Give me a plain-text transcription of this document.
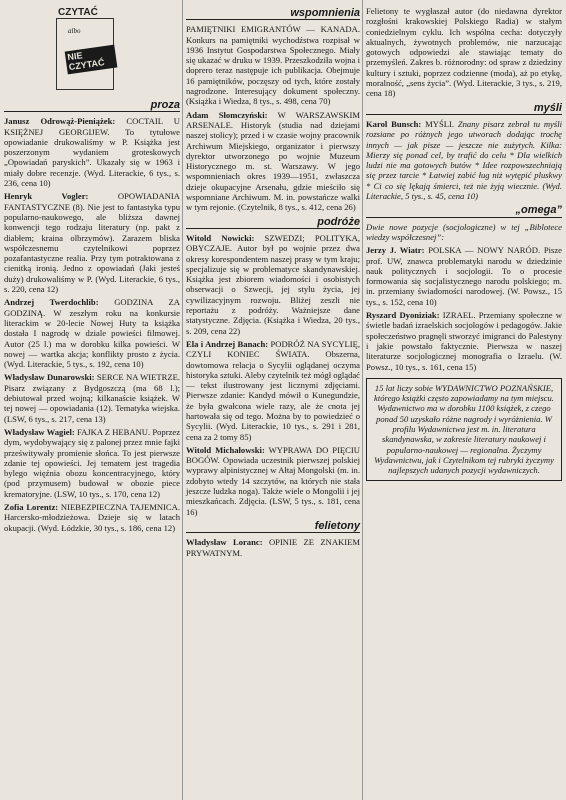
CZYTAĆ
albo
NIE CZYTAĆ
proza

Janusz Odrowąż-Pieniążek: COCTAIL U KSIĘŻNEJ GEORGIJEW. To tytułowe opowiadanie drukowaliśmy w P. Książka jest poszerzonym wydaniem groteskowych „Opowiadań paryskich”. Ukazały się w 1963 i miały dobre recenzje. (Wyd. Literackie, 6 tys., s. 236, cena 10)

Henryk Vogler: OPOWIADANIA FANTASTYCZNE (8). Nie jest to fantastyka typu popularno-naukowego, ale bliższa dawnej konwencji tego rodzaju literatury (np. pakt z diabłem; kraina olbrzymów). Zarazem bliska współczesnemu czytelnikowi poprzez pozafantastyczne realia. Przy tym potraktowana z cienitką ironią. Jedno z opowiadań (Jaki jesteś duży) drukowaliśmy w P. (Wyd. Literackie, 6 tys., s. 220, cena 12)

Andrzej Twerdochlib: GODZINA ZA GODZINĄ. W zeszłym roku na konkursie literackim w 20-lecie Nowej Huty ta książka dostała I nagrodę w dziale powieści filmowej. Autor (25 l.) ma w dorobku kilka powieści. W nowej — wartka akcja; konflikty prosto z życia. (Wyd. Literackie, 5 tys., s. 192, cena 10)

Władysław Dunarowski: SERCE NA WIETRZE. Pisarz związany z Bydgoszczą (ma 68 l.); debiutował przed wojną; kilkanaście książek. W tej nowej — opowiadania (12). Tematyka wiejska. (LSW, 6 tys., s. 217, cena 13)

Władysław Wagiel: FAJKA Z HEBANU. Poprzez dym, wydobywający się z palonej przez mnie fajki prześwitywały promienie słońca. To jest pierwsze zdanie tej opowieści. Jej tematem jest tragedia bylego więźnia obozu koncentracyjnego, który (pod przymusem) budował w obozie piece krematoryjne. (LSW, 10 tys., s. 170, cena 12)

Zofia Lorentz: NIEBEZPIECZNA TAJEMNICA. Harcersko-młodzieżowa. Dzieje się w latach okupacji. (Wyd. Łódzkie, 30 tys., s. 186, cena 12)

wspomnienia

PAMIĘTNIKI EMIGRANTÓW — KANADA. Konkurs na pamiętniki wychodźstwa rozpisał w 1936 Instytut Gospodarstwa Społecznego. Miały się ukazać w druku w 1939. Przeszkodziła wojna i doprero teraz następuje ich publikacja. Obejmuje 16 pamiętników, poczęszy od tych, które zostały nagrodzone. Interesujący dokument społeczny. (Książka i Wiedza, 8 tys., s. 498, cena 70)

Adam Słomczyński: W WARSZAWSKIM ARSENALE. Historyk (studia nad dziejami naszej stolicy); przed i w czasie wojny pracownik Archiwum Miejskiego, organizator i pierwszy dyrektor utworzonego po wojnie Muzeum Historycznego m. st. Warszawy. W jego wspomnieniach okres 1939—1951, zwłaszcza dzieje okupacyjne Arsenału, gdzie mieściło się wspomniane Archiwum. M. in. powstańcze walki w tym rejonie. (Czytelnik, 8 tys., s. 412, cena 26)

podróże

Witold Nowicki: SZWEDZI; POLITYKA, OBYCZAJE. Autor był po wojnie przez dwa okresy korespondentem naszej prasy w tym kraju; specjalizuje się w problematyce skandynawskiej. Książka jest zbiorem wiadomości i osobistych obserwacji o Szwecji, jej stylu życia, jej cywilizacyjnym rozwoju. Bliżej zeszli nie reportażu z podróży. Ważniejsze dane statystyczne. Zdjęcia. (Książka i Wiedza, 20 tys., s. 209, cena 22)

Ela i Andrzej Banach: PODRÓŻ NA SYCYLIĘ, CZYLI KONIEC ŚWIATA. Obszerna, dowtomowa relacja o Sycylii oglądanej oczyma historyka sztuki. Aleby czytelnik też mógł oglądać — tekst ilustrowany jest licznymi zdjęciami. Pierwsze zdanie: Kandyd mówił o Kunegundzie, że była gwałcona wiele razy, ale że cnota jej hartowała się od tego. Można by to powiedzieć o Sycylii. (Wyd. Literackie, 10 tys., s. 291 i 281, cena za 2 tomy 85)

Witold Michałowski: WYPRAWA DO PIĘCIU BOGÓW. Opowiada uczestnik pierwszej polskiej wyprawy alpinistycznej w Ałtaj Mongolski (m. in. zdobyto wtedy 14 szczytów, na których nie stała jeszcze ludzka noga). Także wiele o Mongolii i jej mieszkańcach. Zdjęcia. (LSW, 5 tys., s. 181, cena 16)

felietony

Władysław Loranc: OPINIE ZE ZNAKIEM PRYWATNYM.

Felietony te wygłaszał autor (do niedawna dyrektor rozgłośni krakowskiej Polskiego Radia) w stałym coniedzielnym cyklu. Ich wspólna cecha: dotyczyły aktualnych, żywotnych problemów, nie narzucając gotowych odpowiedzi ale stawiając tematy do przemyśleń. Zakres b. różnorodny: od spraw z dziedziny kultury i sztuki, poprzez codzienne (moda), aż po etykę, moralność, „sens życia”. (Wyd. Literackie, 3 tys., s. 219, cena 18)

myśli

Karol Bunsch: MYŚLI. Znany pisarz zebrał tu myśli rozsiane po różnych jego utworach dodając trochę innych — jak pisze — jeszcze nie zużytych. Kilka: Mierzy się ponad cel, by trafić do celu * Dla wielkich ludzi nie ma gotowych butów * Idee rozpowszechniają się przez tarcie * Łatwiej zabić ług niż wytępić pluskwy * Ci co się lękają śmierci, też nie żyją wiecznie. (Wyd. Literackie, 5 tys., s. 45, cena 10)

„omega”

Dwie nowe pozycje (socjologiczne) w tej „Biblotece wiedzy współczesnej”:

Jerzy J. Wiatr: POLSKA — NOWY NARÓD. Pisze prof. UW, znawca problematyki narodu w dziedzinie nauk politycznych i socjologii. To o procesie formowania się socjalistycznego narodu polskiego; m. in. przemiany świadomości narodowej. (W. Powsz., 15 tys., s. 152, cena 10)

Ryszard Dyoniziak: IZRAEL. Przemiany społeczne w świetle badań izraelskich socjologów i pedagogów. Jakie społeczeństwo pragnęli stworzyć imigranci do Palestyny i jakie powstało faktycznie. Pierwsza w naszej literaturze socjologicznej monografia o Izraelu. (W. Powsz., 10 tys., s. 161, cena 15)

15 lat liczy sobie WYDAWNICTWO POZNAŃSKIE, którego książki często zapowiadamy na tym miejscu. Wydawnictwo ma w dorobku 1100 książek, z czego ponad 50 uzyskało różne nagrody i wyróżnienia. W profilu Wydawnictwa jest m. in. literatura skandynawska, w zakresie literatury naukowej i popularno-naukowej — regionalna. Życzymy Wydawnictwu, jak i Czytelnikom tej rubryki życzymy najlepszych udanych pozycji wydawniczych.
